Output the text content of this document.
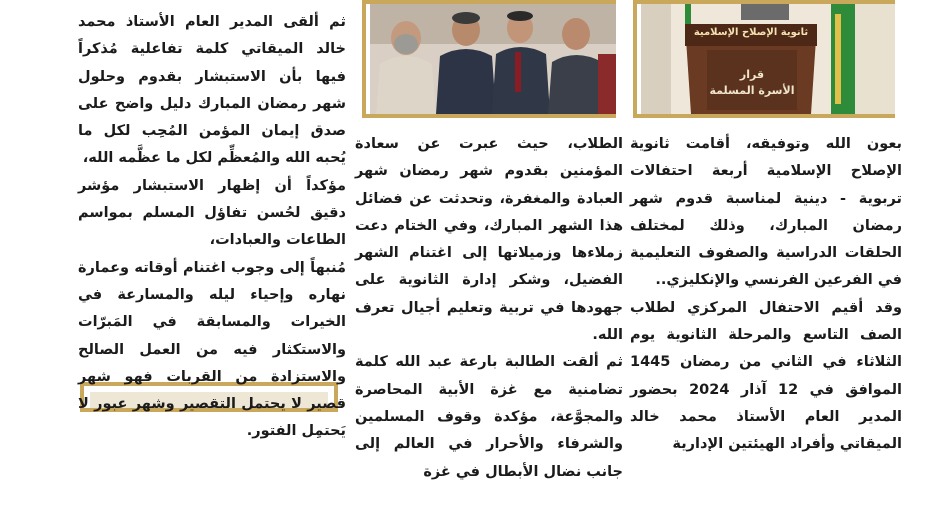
ثانوية الإصلاح الإسلامية
قرار
الأسرة المسلمة

ثم ألقى المدير العام الأستاذ محمد خالد الميقاتي كلمة تفاعلية مُذكراً فيها بأن الاستبشار بقدوم وحلول شهر رمضان المبارك دليل واضح على صدق إيمان المؤمن المُحِب لكل ما يُحبه الله والمُعظِّم لكل ما عظَّمه الله،

مؤكداً أن إظهار الاستبشار مؤشر دقيق لحُسن تفاؤل المسلم بمواسم الطاعات والعبادات،

مُنبهاً إلى وجوب اغتنام أوقاته وعمارة نهاره وإحياء ليله والمسارعة في الخيرات والمسابقة في المَبرّات والاستكثار فيه من العمل الصالح والاستزادة من القربات فهو شهر قصير لا يحتمل التقصير وشهر عبور لا يَحتمِل الفتور.

الطلاب، حيث عبرت عن سعادة المؤمنين بقدوم شهر رمضان شهر العبادة والمغفرة، وتحدثت عن فضائل هذا الشهر المبارك، وفي الختام دعت زملاءها وزميلاتها إلى اغتنام الشهر الفضيل، وشكر إدارة الثانوية على جهودها في تربية وتعليم أجيال تعرف الله.

ثم ألقت الطالبة بارعة عبد الله كلمة تضامنية مع غزة الأبية المحاصرة والمجوَّعة، مؤكدة وقوف المسلمين والشرفاء والأحرار في العالم إلى جانب نضال الأبطال في غزة

بعون الله وتوفيقه، أقامت ثانوية الإصلاح الإسلامية أربعة احتفالات تربوية - دينية لمناسبة قدوم شهر رمضان المبارك، وذلك لمختلف الحلقات الدراسية والصفوف التعليمية في الفرعين الفرنسي والإنكليزي..

وقد أقيم الاحتفال المركزي لطلاب الصف التاسع والمرحلة الثانوية يوم الثلاثاء في الثاني من رمضان 1445 الموافق في 12 آذار 2024 بحضور المدير العام الأستاذ محمد خالد الميقاتي وأفراد الهيئتين الإدارية
